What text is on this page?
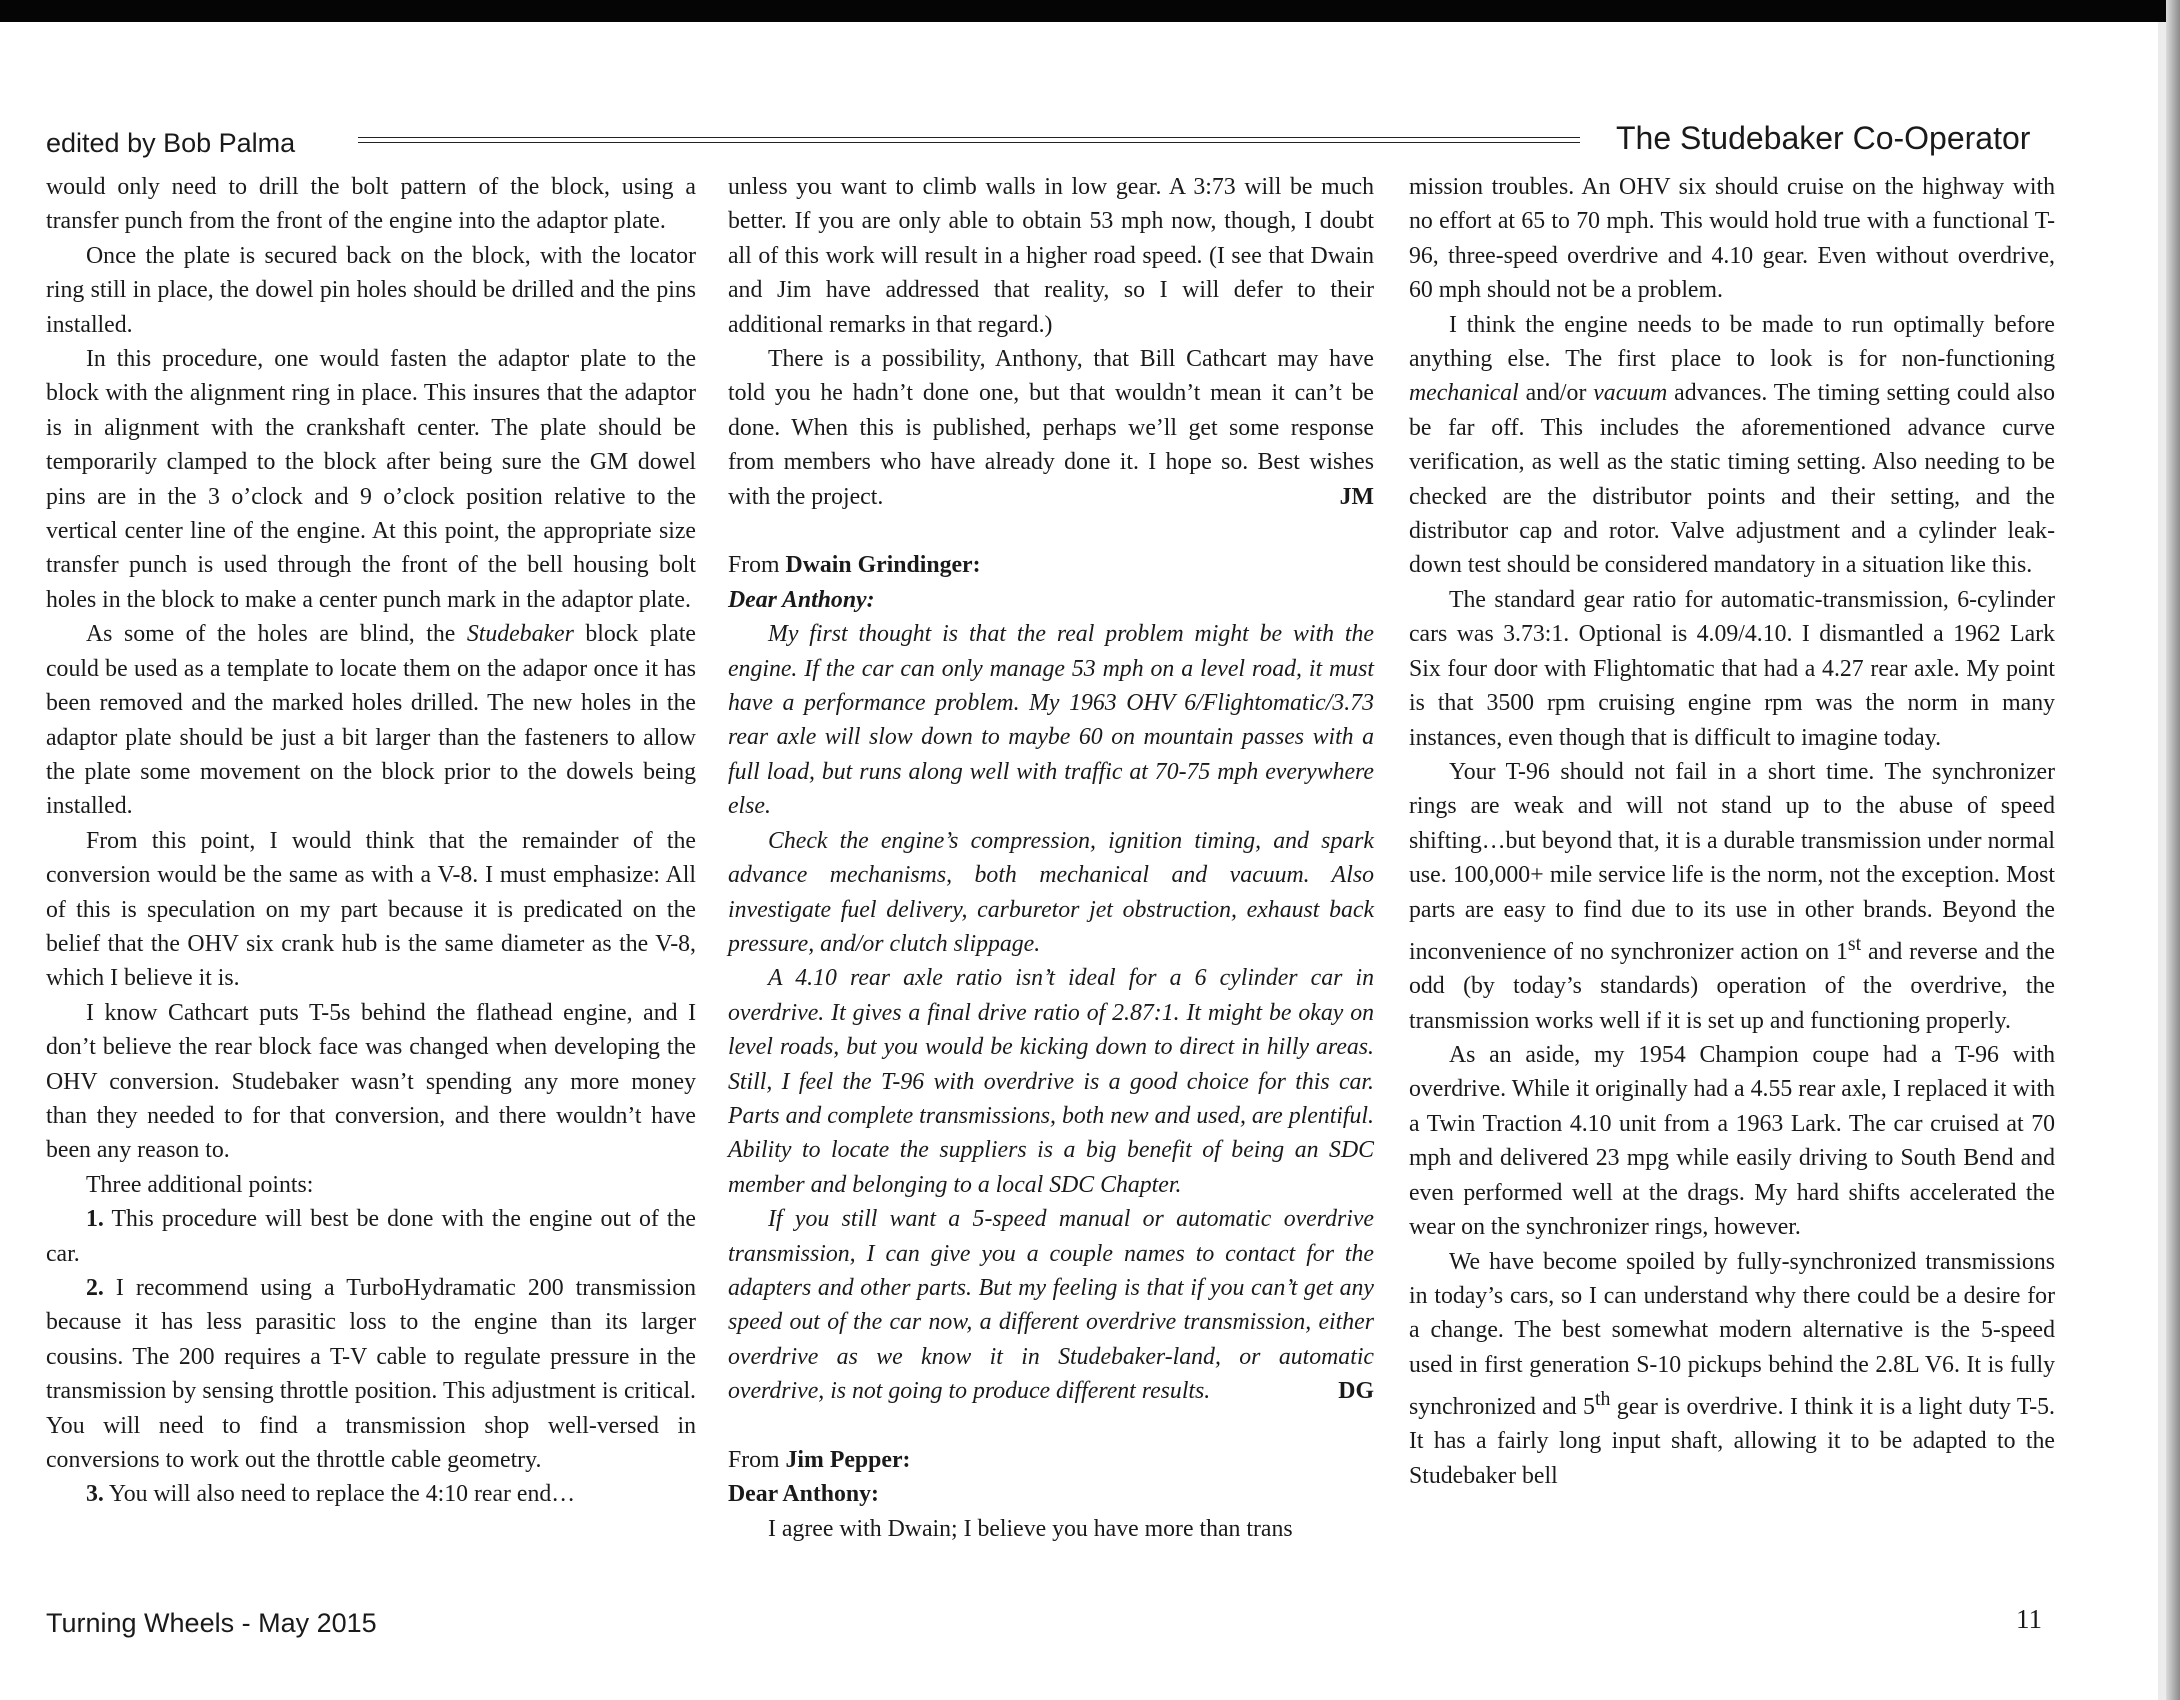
edited by Bob Palma	The Studebaker Co-Operator

would only need to drill the bolt pattern of the block, using a transfer punch from the front of the engine into the adaptor plate.

Once the plate is secured back on the block, with the locator ring still in place, the dowel pin holes should be drilled and the pins installed.

In this procedure, one would fasten the adaptor plate to the block with the alignment ring in place. This insures that the adaptor is in alignment with the crankshaft center. The plate should be temporarily clamped to the block after being sure the GM dowel pins are in the 3 o’clock and 9 o’clock position relative to the vertical center line of the engine. At this point, the appropriate size transfer punch is used through the front of the bell housing bolt holes in the block to make a center punch mark in the adaptor plate.

As some of the holes are blind, the Studebaker block plate could be used as a template to locate them on the adapor once it has been removed and the marked holes drilled. The new holes in the adaptor plate should be just a bit larger than the fasteners to allow the plate some movement on the block prior to the dowels being installed.

From this point, I would think that the remainder of the conversion would be the same as with a V-8. I must emphasize: All of this is speculation on my part because it is predicated on the belief that the OHV six crank hub is the same diameter as the V-8, which I believe it is.

I know Cathcart puts T-5s behind the flathead engine, and I don’t believe the rear block face was changed when developing the OHV conversion. Studebaker wasn’t spending any more money than they needed to for that conversion, and there wouldn’t have been any reason to.

Three additional points:

1. This procedure will best be done with the engine out of the car.

2. I recommend using a TurboHydramatic 200 transmission because it has less parasitic loss to the engine than its larger cousins. The 200 requires a T-V cable to regulate pressure in the transmission by sensing throttle position. This adjustment is critical. You will need to find a transmission shop well-versed in conversions to work out the throttle cable geometry.

3. You will also need to replace the 4:10 rear end…

unless you want to climb walls in low gear. A 3:73 will be much better. If you are only able to obtain 53 mph now, though, I doubt all of this work will result in a higher road speed. (I see that Dwain and Jim have addressed that reality, so I will defer to their additional remarks in that regard.)

There is a possibility, Anthony, that Bill Cathcart may have told you he hadn’t done one, but that wouldn’t mean it can’t be done. When this is published, perhaps we’ll get some response from members who have already done it. I hope so. Best wishes with the project.	JM

From Dwain Grindinger:

Dear Anthony:

My first thought is that the real problem might be with the engine. If the car can only manage 53 mph on a level road, it must have a performance problem. My 1963 OHV 6/Flightomatic/3.73 rear axle will slow down to maybe 60 on mountain passes with a full load, but runs along well with traffic at 70-75 mph everywhere else.

Check the engine’s compression, ignition timing, and spark advance mechanisms, both mechanical and vacuum. Also investigate fuel delivery, carburetor jet obstruction, exhaust back pressure, and/or clutch slippage.

A 4.10 rear axle ratio isn’t ideal for a 6 cylinder car in overdrive. It gives a final drive ratio of 2.87:1. It might be okay on level roads, but you would be kicking down to direct in hilly areas. Still, I feel the T-96 with overdrive is a good choice for this car. Parts and complete transmissions, both new and used, are plentiful. Ability to locate the suppliers is a big benefit of being an SDC member and belonging to a local SDC Chapter.

If you still want a 5-speed manual or automatic overdrive transmission, I can give you a couple names to contact for the adapters and other parts. But my feeling is that if you can’t get any speed out of the car now, a different overdrive transmission, either overdrive as we know it in Studebaker-land, or automatic overdrive, is not going to produce different results.	DG

From Jim Pepper:

Dear Anthony:

I agree with Dwain; I believe you have more than trans

mission troubles. An OHV six should cruise on the highway with no effort at 65 to 70 mph. This would hold true with a functional T-96, three-speed overdrive and 4.10 gear. Even without overdrive, 60 mph should not be a problem.

I think the engine needs to be made to run optimally before anything else. The first place to look is for non-functioning mechanical and/or vacuum advances. The timing setting could also be far off. This includes the aforementioned advance curve verification, as well as the static timing setting. Also needing to be checked are the distributor points and their setting, and the distributor cap and rotor. Valve adjustment and a cylinder leak-down test should be considered mandatory in a situation like this.

The standard gear ratio for automatic-transmission, 6-cylinder cars was 3.73:1. Optional is 4.09/4.10. I dismantled a 1962 Lark Six four door with Flightomatic that had a 4.27 rear axle. My point is that 3500 rpm cruising engine rpm was the norm in many instances, even though that is difficult to imagine today.

Your T-96 should not fail in a short time. The synchronizer rings are weak and will not stand up to the abuse of speed shifting…but beyond that, it is a durable transmission under normal use. 100,000+ mile service life is the norm, not the exception. Most parts are easy to find due to its use in other brands. Beyond the inconvenience of no synchronizer action on 1st and reverse and the odd (by today’s standards) operation of the overdrive, the transmission works well if it is set up and functioning properly.

As an aside, my 1954 Champion coupe had a T-96 with overdrive. While it originally had a 4.55 rear axle, I replaced it with a Twin Traction 4.10 unit from a 1963 Lark. The car cruised at 70 mph and delivered 23 mpg while easily driving to South Bend and even performed well at the drags. My hard shifts accelerated the wear on the synchronizer rings, however.

We have become spoiled by fully-synchronized transmissions in today’s cars, so I can understand why there could be a desire for a change. The best somewhat modern alternative is the 5-speed used in first generation S-10 pickups behind the 2.8L V6. It is fully synchronized and 5th gear is overdrive. I think it is a light duty T-5. It has a fairly long input shaft, allowing it to be adapted to the Studebaker bell

Turning Wheels - May 2015	11
